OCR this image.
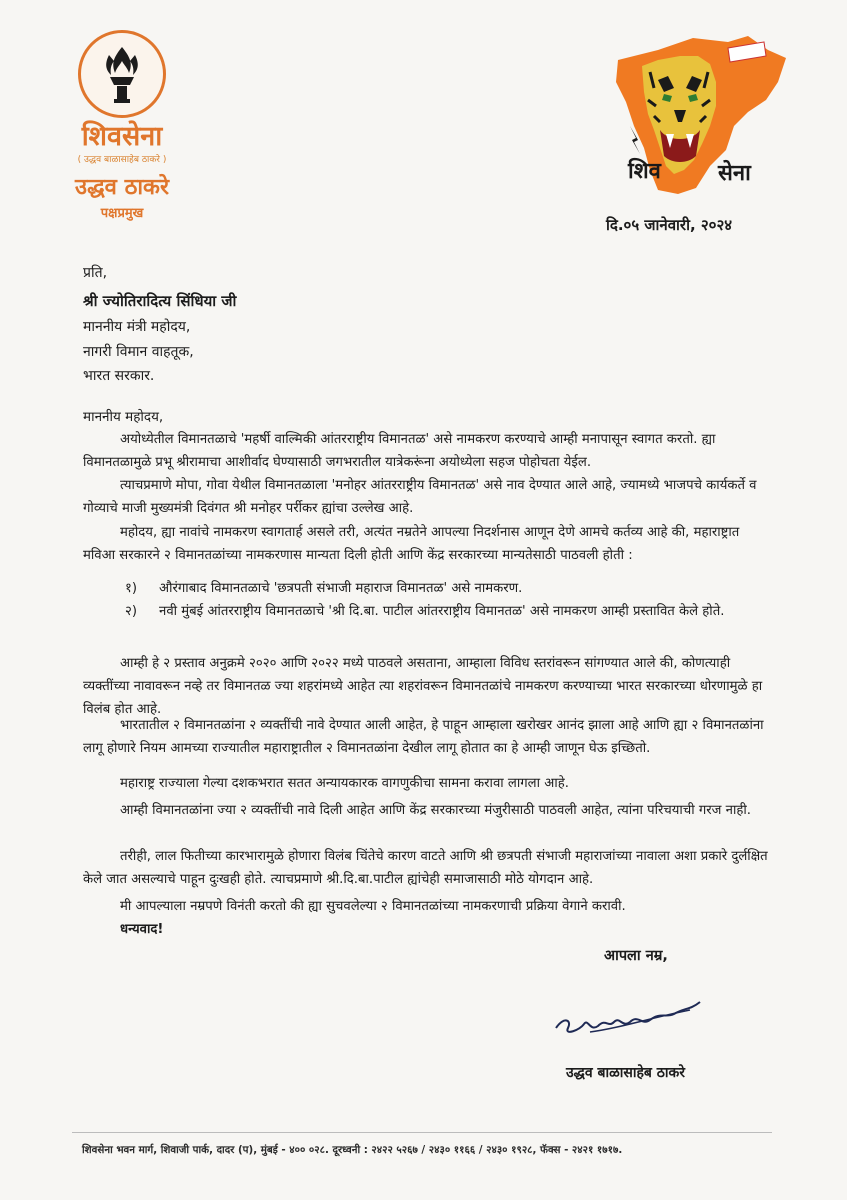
शिवसेना
( उद्धव बाळासाहेब ठाकरे )
उद्धव ठाकरे
पक्षप्रमुख
शिव	सेना
दि.०५ जानेवारी, २०२४
प्रति,
श्री ज्योतिरादित्य सिंधिया जी
माननीय मंत्री महोदय,
नागरी विमान वाहतूक,
भारत सरकार.
माननीय महोदय,

अयोध्येतील विमानतळाचे 'महर्षी वाल्मिकी आंतरराष्ट्रीय विमानतळ' असे नामकरण करण्याचे आम्ही मनापासून स्वागत करतो. ह्या विमानतळामुळे प्रभू श्रीरामाचा आशीर्वाद घेण्यासाठी जगभरातील यात्रेकरूंना अयोध्येला सहज पोहोचता येईल.

त्याचप्रमाणे मोपा, गोवा येथील विमानतळाला 'मनोहर आंतरराष्ट्रीय विमानतळ' असे नाव देण्यात आले आहे, ज्यामध्ये भाजपचे कार्यकर्ते व गोव्याचे माजी मुख्यमंत्री दिवंगत श्री मनोहर पर्रीकर ह्यांचा उल्लेख आहे.

महोदय, ह्या नावांचे नामकरण स्वागतार्ह असले तरी, अत्यंत नम्रतेने आपल्या निदर्शनास आणून देणे आमचे कर्तव्य आहे की, महाराष्ट्रात मविआ सरकारने २ विमानतळांच्या नामकरणास मान्यता दिली होती आणि केंद्र सरकारच्या मान्यतेसाठी पाठवली होती :

१)	औरंगाबाद विमानतळाचे 'छत्रपती संभाजी महाराज विमानतळ' असे नामकरण.
२)	नवी मुंबई आंतरराष्ट्रीय विमानतळाचे 'श्री दि.बा. पाटील आंतरराष्ट्रीय विमानतळ' असे नामकरण आम्ही प्रस्तावित केले होते.

आम्ही हे २ प्रस्ताव अनुक्रमे २०२० आणि २०२२ मध्ये पाठवले असताना, आम्हाला विविध स्तरांवरून सांगण्यात आले की, कोणत्याही व्यक्तींच्या नावावरून नव्हे तर विमानतळ ज्या शहरांमध्ये आहेत त्या शहरांवरून विमानतळांचे नामकरण करण्याच्या भारत सरकारच्या धोरणामुळे हा विलंब होत आहे.

भारतातील २ विमानतळांना २ व्यक्तींची नावे देण्यात आली आहेत, हे पाहून आम्हाला खरोखर आनंद झाला आहे आणि ह्या २ विमानतळांना लागू होणारे नियम आमच्या राज्यातील महाराष्ट्रातील २ विमानतळांना देखील लागू होतात का हे आम्ही जाणून घेऊ इच्छितो.

महाराष्ट्र राज्याला गेल्या दशकभरात सतत अन्यायकारक वागणुकीचा सामना करावा लागला आहे.

आम्ही विमानतळांना ज्या २ व्यक्तींची नावे दिली आहेत आणि केंद्र सरकारच्या मंजुरीसाठी पाठवली आहेत, त्यांना परिचयाची गरज नाही.

तरीही, लाल फितीच्या कारभारामुळे होणारा विलंब चिंतेचे कारण वाटते आणि श्री छत्रपती संभाजी महाराजांच्या नावाला अशा प्रकारे दुर्लक्षित केले जात असल्याचे पाहून दुःखही होते. त्याचप्रमाणे श्री.दि.बा.पाटील ह्यांचेही समाजासाठी मोठे योगदान आहे.

मी आपल्याला नम्रपणे विनंती करतो की ह्या सुचवलेल्या २ विमानतळांच्या नामकरणाची प्रक्रिया वेगाने करावी.

धन्यवाद!

आपला नम्र,
उद्धव बाळासाहेब ठाकरे
शिवसेना भवन मार्ग, शिवाजी पार्क, दादर (प), मुंबई - ४०० ०२८. दूरध्वनी : २४२२ ५२६७ / २४३० ११६६ / २४३० १९२८, फॅक्स - २४२१ १७१७.
